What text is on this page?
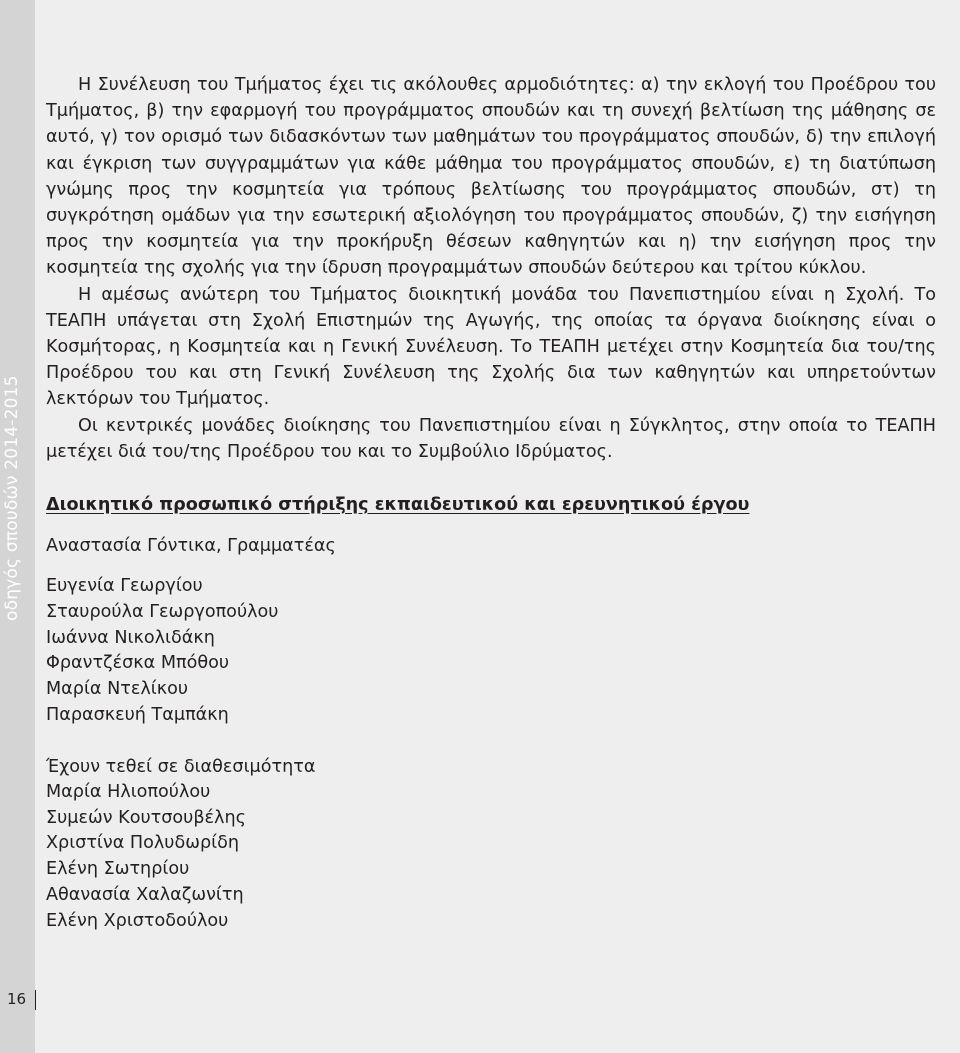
οδηγός σπουδών 2014-2015
16

Η Συνέλευση του Τμήματος έχει τις ακόλουθες αρμοδιότητες: α) την εκλογή του Προέδρου του Τμήματος, β) την εφαρμογή του προγράμματος σπουδών και τη συνεχή βελτίωση της μάθησης σε αυτό, γ) τον ορισμό των διδασκόντων των μαθημάτων του προγράμματος σπουδών, δ) την επιλογή και έγκριση των συγγραμμάτων για κάθε μάθημα του προγράμματος σπουδών, ε) τη διατύπωση γνώμης προς την κοσμητεία για τρόπους βελτίωσης του προγράμματος σπουδών, στ) τη συγκρότηση ομάδων για την εσωτερική αξιολόγηση του προγράμματος σπουδών, ζ) την εισήγηση προς την κοσμητεία για την προκήρυξη θέσεων καθηγητών και η) την εισήγηση προς την κοσμητεία της σχολής για την ίδρυση προγραμμάτων σπουδών δεύτερου και τρίτου κύκλου.

Η αμέσως ανώτερη του Τμήματος διοικητική μονάδα του Πανεπιστημίου είναι η Σχολή. Το ΤΕΑΠΗ υπάγεται στη Σχολή Επιστημών της Αγωγής, της οποίας τα όργανα διοίκησης είναι ο Κοσμήτορας, η Κοσμητεία και η Γενική Συνέλευση. Το ΤΕΑΠΗ μετέχει στην Κοσμητεία δια του/της Προέδρου του και στη Γενική Συνέλευση της Σχολής δια των καθηγητών και υπηρετούντων λεκτόρων του Τμήματος.

Οι κεντρικές μονάδες διοίκησης του Πανεπιστημίου είναι η Σύγκλητος, στην οποία το ΤΕΑΠΗ μετέχει διά του/της Προέδρου του και το Συμβούλιο Ιδρύματος.

Διοικητικό προσωπικό στήριξης εκπαιδευτικού και ερευνητικού έργου

Αναστασία Γόντικα, Γραμματέας

Ευγενία Γεωργίου
Σταυρούλα Γεωργοπούλου
Ιωάννα Νικολιδάκη
Φραντζέσκα Μπόθου
Μαρία Ντελίκου
Παρασκευή Ταμπάκη

Έχουν τεθεί σε διαθεσιμότητα

Μαρία Ηλιοπούλου
Συμεών Κουτσουβέλης
Χριστίνα Πολυδωρίδη
Ελένη Σωτηρίου
Αθανασία Χαλαζωνίτη
Ελένη Χριστοδούλου
